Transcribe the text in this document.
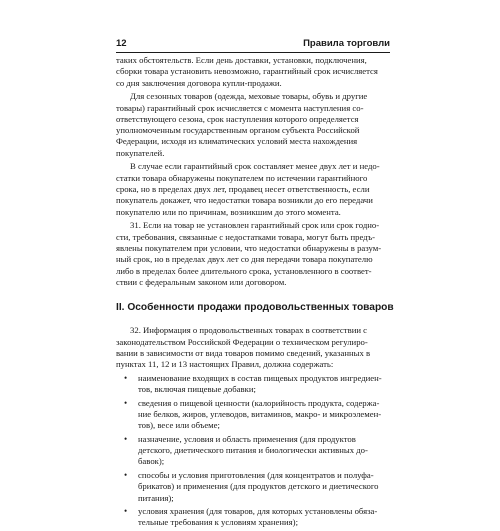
12	Правила торговли
таких обстоятельств. Если день доставки, установки, подключения,
сборки товара установить невозможно, гарантийный срок исчисляется
со дня заключения договора купли-продажи.
Для сезонных товаров (одежда, меховые товары, обувь и другие
товары) гарантийный срок исчисляется с момента наступления со-
ответствующего сезона, срок наступления которого определяется
уполномоченным государственным органом субъекта Российской
Федерации, исходя из климатических условий места нахождения
покупателей.
В случае если гарантийный срок составляет менее двух лет и недо-
статки товара обнаружены покупателем по истечении гарантийного
срока, но в пределах двух лет, продавец несет ответственность, если
покупатель докажет, что недостатки товара возникли до его передачи
покупателю или по причинам, возникшим до этого момента.
31. Если на товар не установлен гарантийный срок или срок годно-
сти, требования, связанные с недостатками товара, могут быть предъ-
явлены покупателем при условии, что недостатки обнаружены в разум-
ный срок, но в пределах двух лет со дня передачи товара покупателю
либо в пределах более длительного срока, установленного в соответ-
ствии с федеральным законом или договором.
II. Особенности продажи продовольственных товаров
32. Информация о продовольственных товарах в соответствии с
законодательством Российской Федерации о техническом регулиро-
вании в зависимости от вида товаров помимо сведений, указанных в
пунктах 11, 12 и 13 настоящих Правил, должна содержать:
• наименование входящих в состав пищевых продуктов ингредиен-
тов, включая пищевые добавки;
• сведения о пищевой ценности (калорийность продукта, содержа-
ние белков, жиров, углеводов, витаминов, макро- и микроэлемен-
тов), весе или объеме;
• назначение, условия и область применения (для продуктов
детского, диетического питания и биологически активных до-
бавок);
• способы и условия приготовления (для концентратов и полуфа-
брикатов) и применения (для продуктов детского и диетического
питания);
• условия хранения (для товаров, для которых установлены обяза-
тельные требования к условиям хранения);
